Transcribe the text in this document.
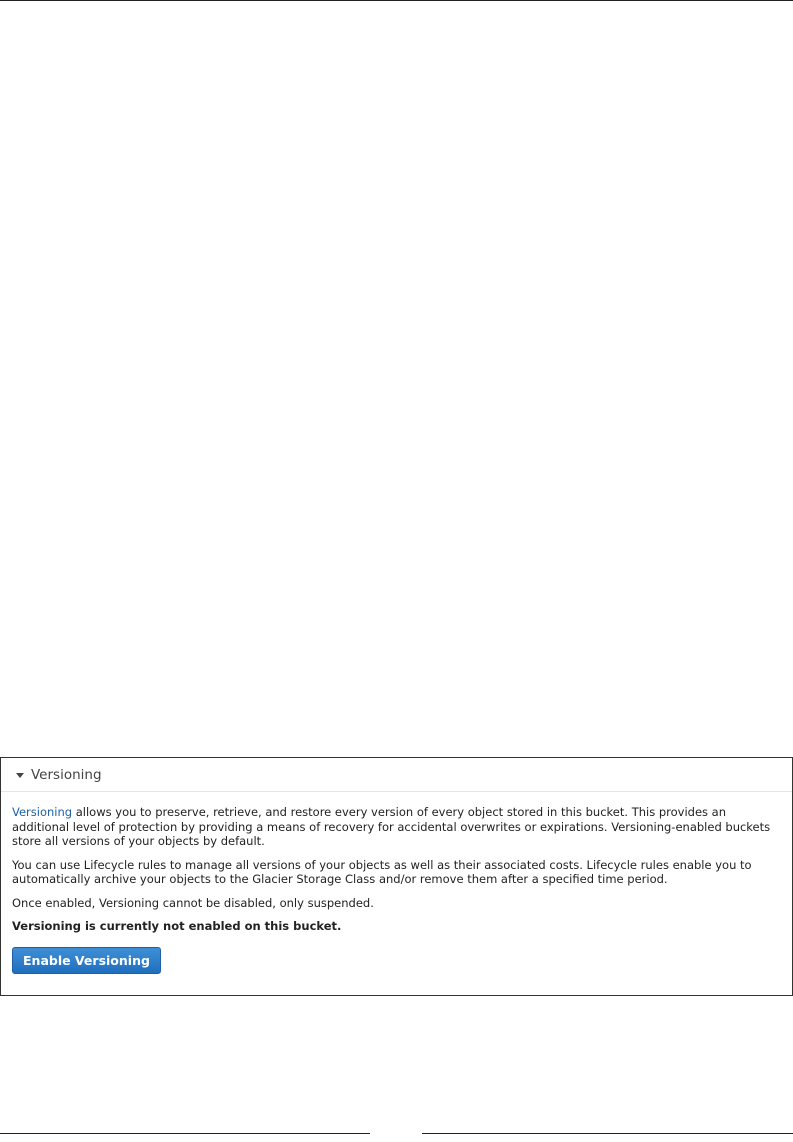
Versioning

Versioning allows you to preserve, retrieve, and restore every version of every object stored in this bucket. This provides an additional level of protection by providing a means of recovery for accidental overwrites or expirations. Versioning-enabled buckets store all versions of your objects by default.

You can use Lifecycle rules to manage all versions of your objects as well as their associated costs. Lifecycle rules enable you to automatically archive your objects to the Glacier Storage Class and/or remove them after a specified time period.

Once enabled, Versioning cannot be disabled, only suspended.

Versioning is currently not enabled on this bucket.

Enable Versioning
